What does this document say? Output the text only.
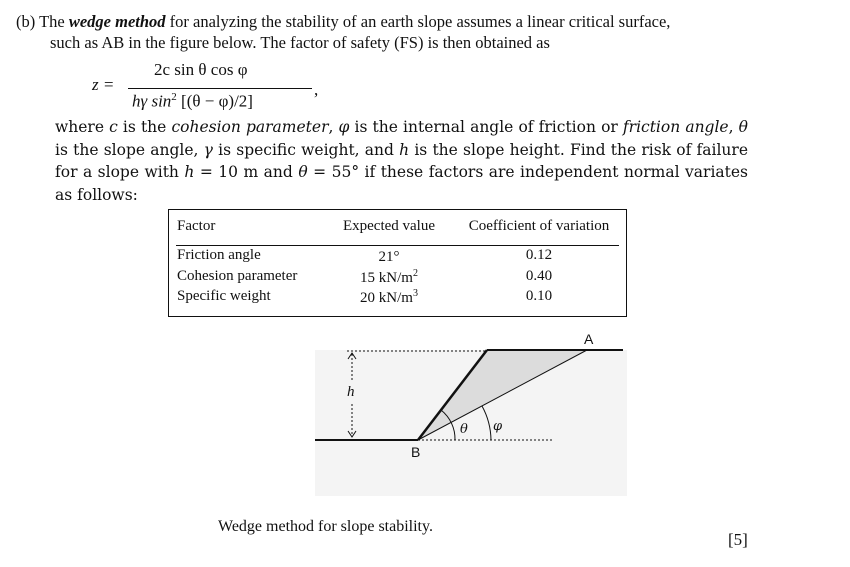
(b) The wedge method for analyzing the stability of an earth slope assumes a linear critical surface,
such as AB in the figure below. The factor of safety (FS) is then obtained as
z =
2c sin θ cos φ
hγ $\sin^2 [(\theta - \varphi)/2]$
,
where c is the cohesion parameter, φ is the internal angle of friction or friction angle, θ is the slope angle, γ is specific weight, and h is the slope height. Find the risk of failure for a slope with h = 10 m and θ = 55° if these factors are independent normal variates as follows:
Factor	Expected value	Coefficient of variation
Friction angle	21°	0.12
Cohesion parameter	15 $kN/m^2$	0.40
Specific weight	20 $kN/m^3$	0.10
A
B
h
θ φ
Wedge method for slope stability.
[5]
